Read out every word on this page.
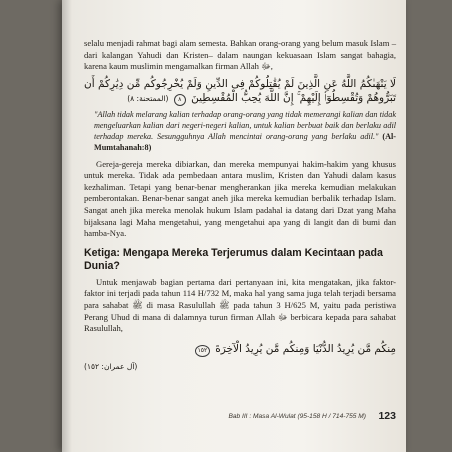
selalu menjadi rahmat bagi alam semesta. Bahkan orang-orang yang belum masuk Islam –dari kalangan Yahudi dan Kristen– dalam naungan kekuasaan Islam sangat bahagia, karena kaum muslimin mengamalkan firman Allah ﷻ,

لَا يَنْهَىٰكُمُ اللَّهُ عَنِ الَّذِينَ لَمْ يُقَٰتِلُوكُمْ فِى الدِّينِ وَلَمْ يُخْرِجُوكُم مِّن دِيَٰرِكُمْ أَن تَبَرُّوهُمْ وَتُقْسِطُوٓا۟ إِلَيْهِمْ ۚ إِنَّ اللَّهَ يُحِبُّ الْمُقْسِطِينَ ٨ (الممتحنة: ٨)

"Allah tidak melarang kalian terhadap orang-orang yang tidak memerangi kalian dan tidak mengeluarkan kalian dari negeri-negeri kalian, untuk kalian berbuat baik dan berlaku adil terhadap mereka. Sesungguhnya Allah mencintai orang-orang yang berlaku adil." (Al-Mumtahanah:8)

Gereja-gereja mereka dibiarkan, dan mereka mempunyai hakim-hakim yang khusus untuk mereka. Tidak ada pembedaan antara muslim, Kristen dan Yahudi dalam kasus kezhaliman. Tetapi yang benar-benar mengherankan jika mereka kemudian melakukan pemberontakan. Benar-benar sangat aneh jika mereka kemudian berbalik terhadap Islam. Sangat aneh jika mereka menolak hukum Islam padahal ia datang dari Dzat yang Maha bijaksana lagi Maha mengetahui, yang mengetahui apa yang di langit dan di bumi dan hamba-Nya.

Ketiga: Mengapa Mereka Terjerumus dalam Kecintaan pada Dunia?

Untuk menjawab bagian pertama dari pertanyaan ini, kita mengatakan, jika faktor-faktor ini terjadi pada tahun 114 H/732 M, maka hal yang sama juga telah terjadi bersama para sahabat ﷺ di masa Rasulullah ﷺ pada tahun 3 H/625 M, yaitu pada peristiwa Perang Uhud di mana di dalamnya turun firman Allah ﷻ berbicara kepada para sahabat Rasulullah,

مِنكُم مَّن يُرِيدُ الدُّنْيَا وَمِنكُم مَّن يُرِيدُ الْآخِرَةَ ١٥٢
(آل عمران: ١٥٢)
Bab III : Masa Al-Wulat (95-158 H / 714-755 M) 123
